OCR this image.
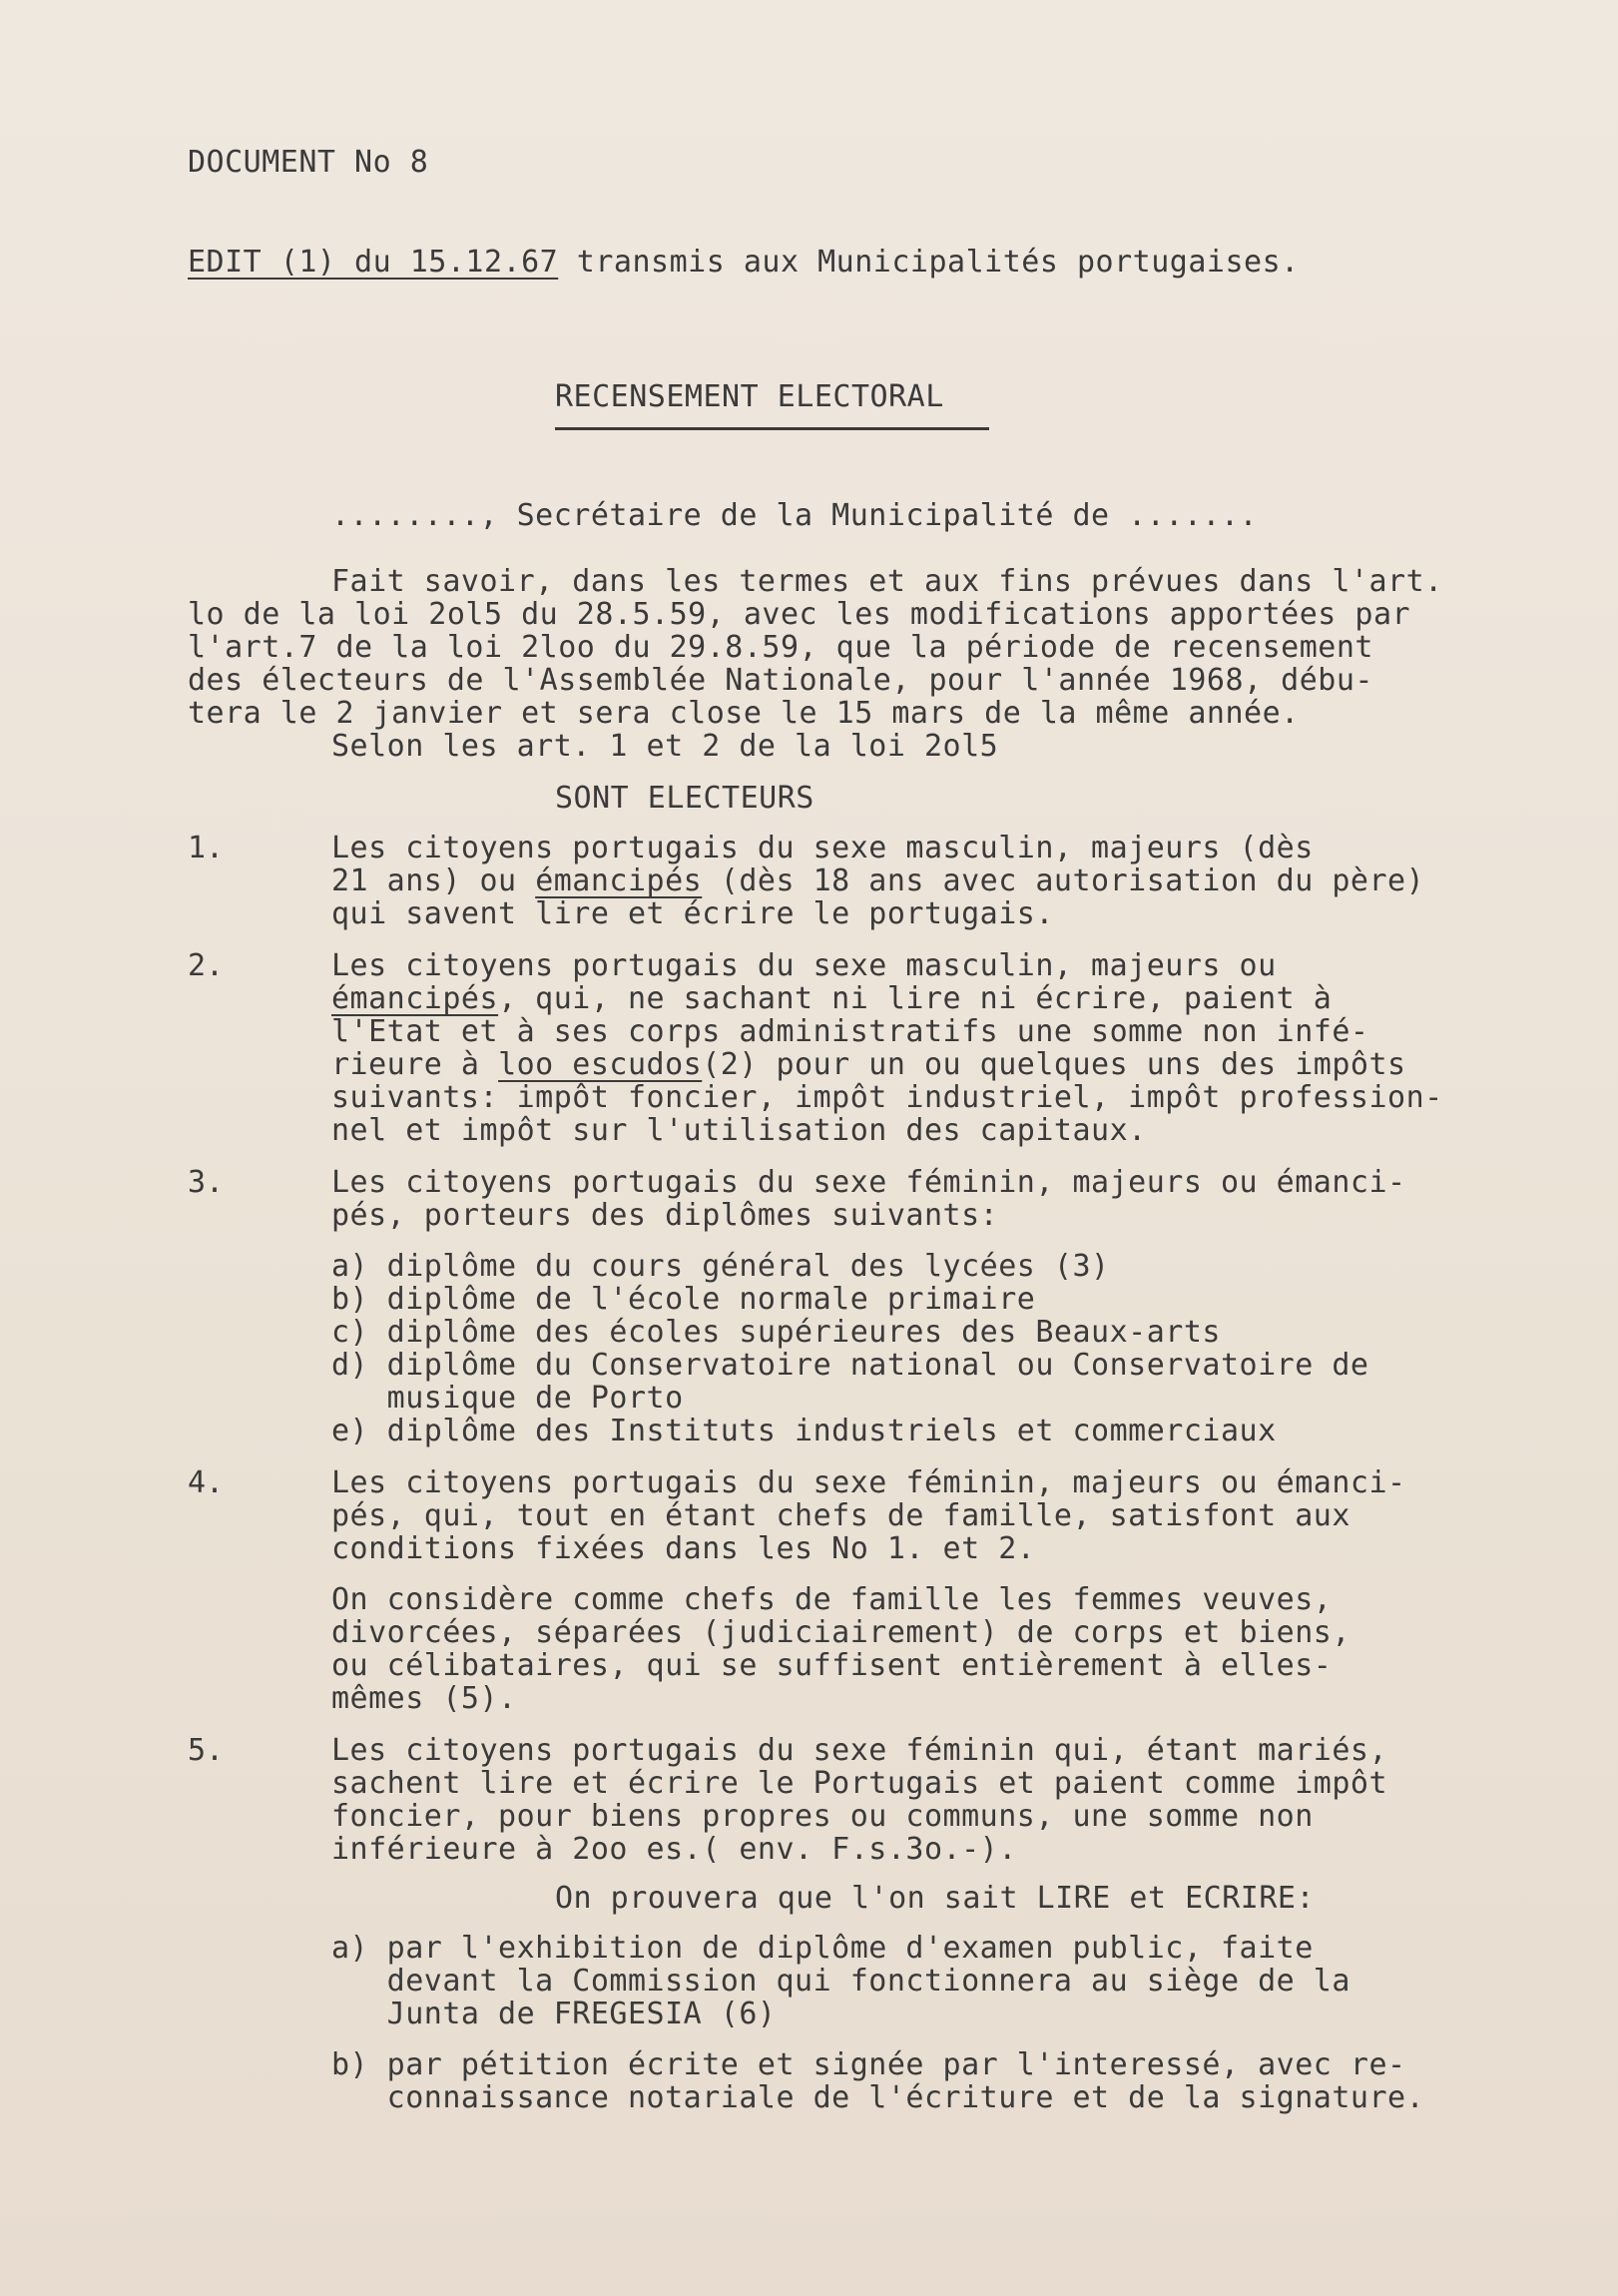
DOCUMENT No 8
EDIT (1) du 15.12.67 transmis aux Municipalités portugaises.
RECENSEMENT ELECTORAL
........, Secrétaire de la Municipalité de .......
Fait savoir, dans les termes et aux fins prévues dans l'art.
lo de la loi 2ol5 du 28.5.59, avec les modifications apportées par
l'art.7 de la loi 2loo du 29.8.59, que la période de recensement
des électeurs de l'Assemblée Nationale, pour l'année 1968, débu-
tera le 2 janvier et sera close le 15 mars de la même année.
Selon les art. 1 et 2 de la loi 2ol5
SONT ELECTEURS
1.	Les citoyens portugais du sexe masculin, majeurs (dès
21 ans) ou émancipés (dès 18 ans avec autorisation du père)
qui savent lire et écrire le portugais.
2.	Les citoyens portugais du sexe masculin, majeurs ou
émancipés, qui, ne sachant ni lire ni écrire, paient à
l'Etat et à ses corps administratifs une somme non infé-
rieure à loo escudos(2) pour un ou quelques uns des impôts
suivants: impôt foncier, impôt industriel, impôt profession-
nel et impôt sur l'utilisation des capitaux.
3.	Les citoyens portugais du sexe féminin, majeurs ou émanci-
pés, porteurs des diplômes suivants:
a) diplôme du cours général des lycées (3)
b) diplôme de l'école normale primaire
c) diplôme des écoles supérieures des Beaux-arts
d) diplôme du Conservatoire national ou Conservatoire de
musique de Porto
e) diplôme des Instituts industriels et commerciaux
4.	Les citoyens portugais du sexe féminin, majeurs ou émanci-
pés, qui, tout en étant chefs de famille, satisfont aux
conditions fixées dans les No 1. et 2.
On considère comme chefs de famille les femmes veuves,
divorcées, séparées (judiciairement) de corps et biens,
ou célibataires, qui se suffisent entièrement à elles-
mêmes (5).
5.	Les citoyens portugais du sexe féminin qui, étant mariés,
sachent lire et écrire le Portugais et paient comme impôt
foncier, pour biens propres ou communs, une somme non
inférieure à 2oo es.( env. F.s.3o.-).
On prouvera que l'on sait LIRE et ECRIRE:
a) par l'exhibition de diplôme d'examen public, faite
devant la Commission qui fonctionnera au siège de la
Junta de FREGESIA (6)
b) par pétition écrite et signée par l'interessé, avec re-
connaissance notariale de l'écriture et de la signature.
